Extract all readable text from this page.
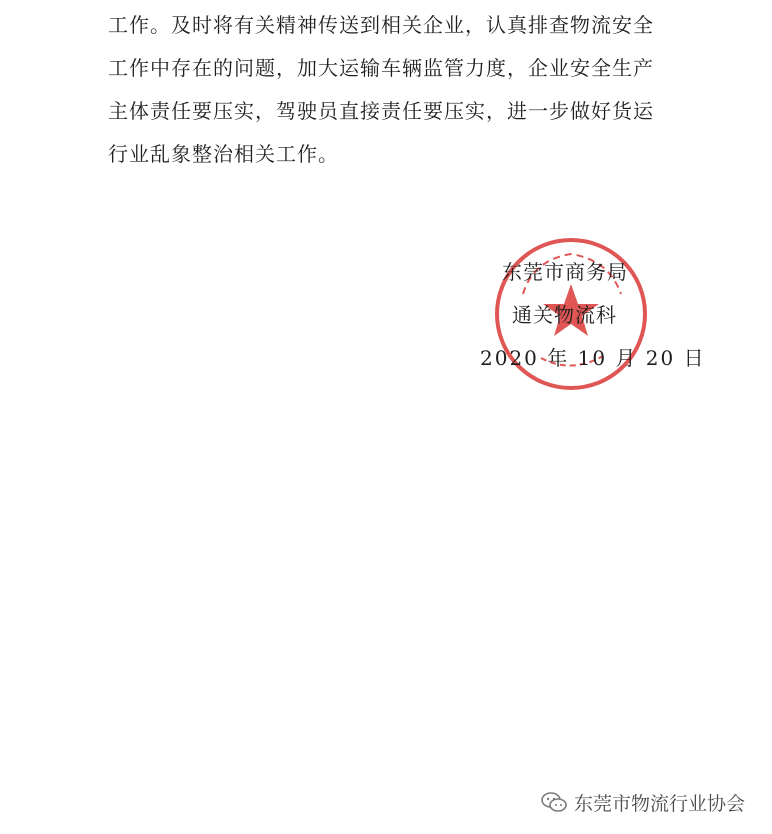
工作。及时将有关精神传送到相关企业，认真排查物流安全
工作中存在的问题，加大运输车辆监管力度，企业安全生产
主体责任要压实，驾驶员直接责任要压实，进一步做好货运
行业乱象整治相关工作。
东莞市商务局
通关物流科
2020 年 10 月 20 日
东莞市物流行业协会
